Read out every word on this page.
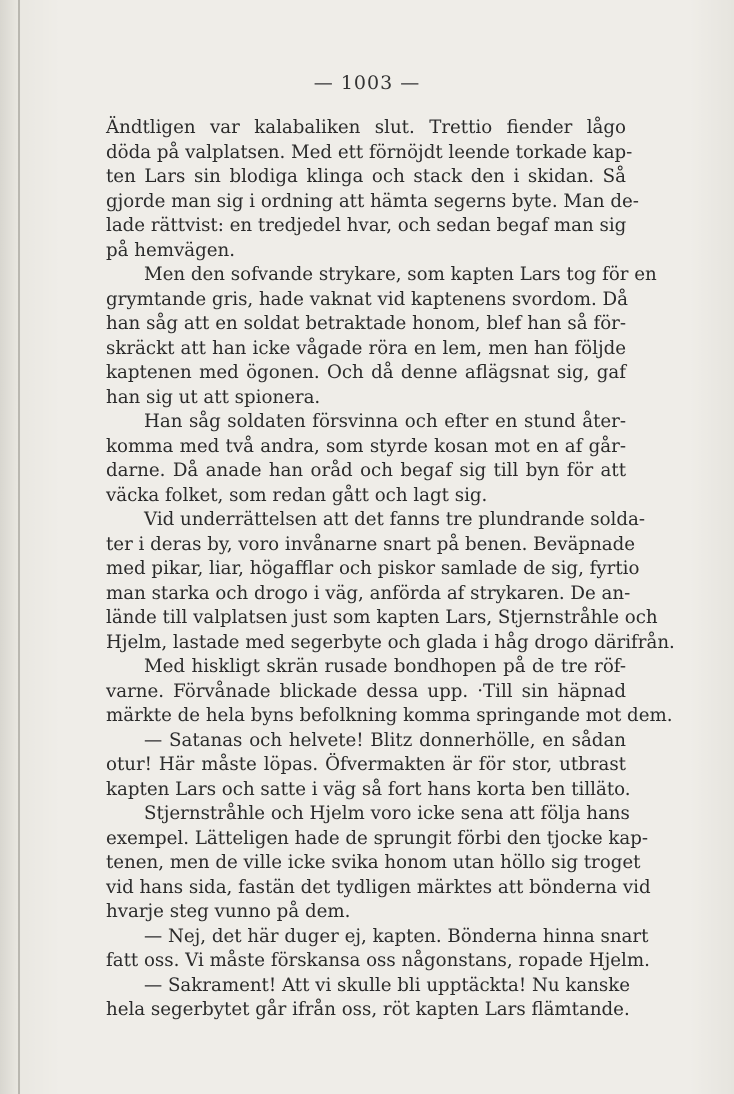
— 1003 —
Ändtligen var kalabaliken slut. Trettio fiender lågo
döda på valplatsen. Med ett förnöjdt leende torkade kap-
ten Lars sin blodiga klinga och stack den i skidan. Så
gjorde man sig i ordning att hämta segerns byte. Man de-
lade rättvist: en tredjedel hvar, och sedan begaf man sig
på hemvägen.
Men den sofvande strykare, som kapten Lars tog för en
grymtande gris, hade vaknat vid kaptenens svordom. Då
han såg att en soldat betraktade honom, blef han så för-
skräckt att han icke vågade röra en lem, men han följde
kaptenen med ögonen. Och då denne aflägsnat sig, gaf
han sig ut att spionera.
Han såg soldaten försvinna och efter en stund åter-
komma med två andra, som styrde kosan mot en af går-
darne. Då anade han oråd och begaf sig till byn för att
väcka folket, som redan gått och lagt sig.
Vid underrättelsen att det fanns tre plundrande solda-
ter i deras by, voro invånarne snart på benen. Beväpnade
med pikar, liar, högafflar och piskor samlade de sig, fyrtio
man starka och drogo i väg, anförda af strykaren. De an-
lände till valplatsen just som kapten Lars, Stjernstråhle och
Hjelm, lastade med segerbyte och glada i håg drogo därifrån.
Med hiskligt skrän rusade bondhopen på de tre röf-
varne. Förvånade blickade dessa upp. ·Till sin häpnad
märkte de hela byns befolkning komma springande mot dem.
— Satanas och helvete! Blitz donnerhölle, en sådan
otur! Här måste löpas. Öfvermakten är för stor, utbrast
kapten Lars och satte i väg så fort hans korta ben tilläto.
Stjernstråhle och Hjelm voro icke sena att följa hans
exempel. Lätteligen hade de sprungit förbi den tjocke kap-
tenen, men de ville icke svika honom utan höllo sig troget
vid hans sida, fastän det tydligen märktes att bönderna vid
hvarje steg vunno på dem.
— Nej, det här duger ej, kapten. Bönderna hinna snart
fatt oss. Vi måste förskansa oss någonstans, ropade Hjelm.
— Sakrament! Att vi skulle bli upptäckta! Nu kanske
hela segerbytet går ifrån oss, röt kapten Lars flämtande.
